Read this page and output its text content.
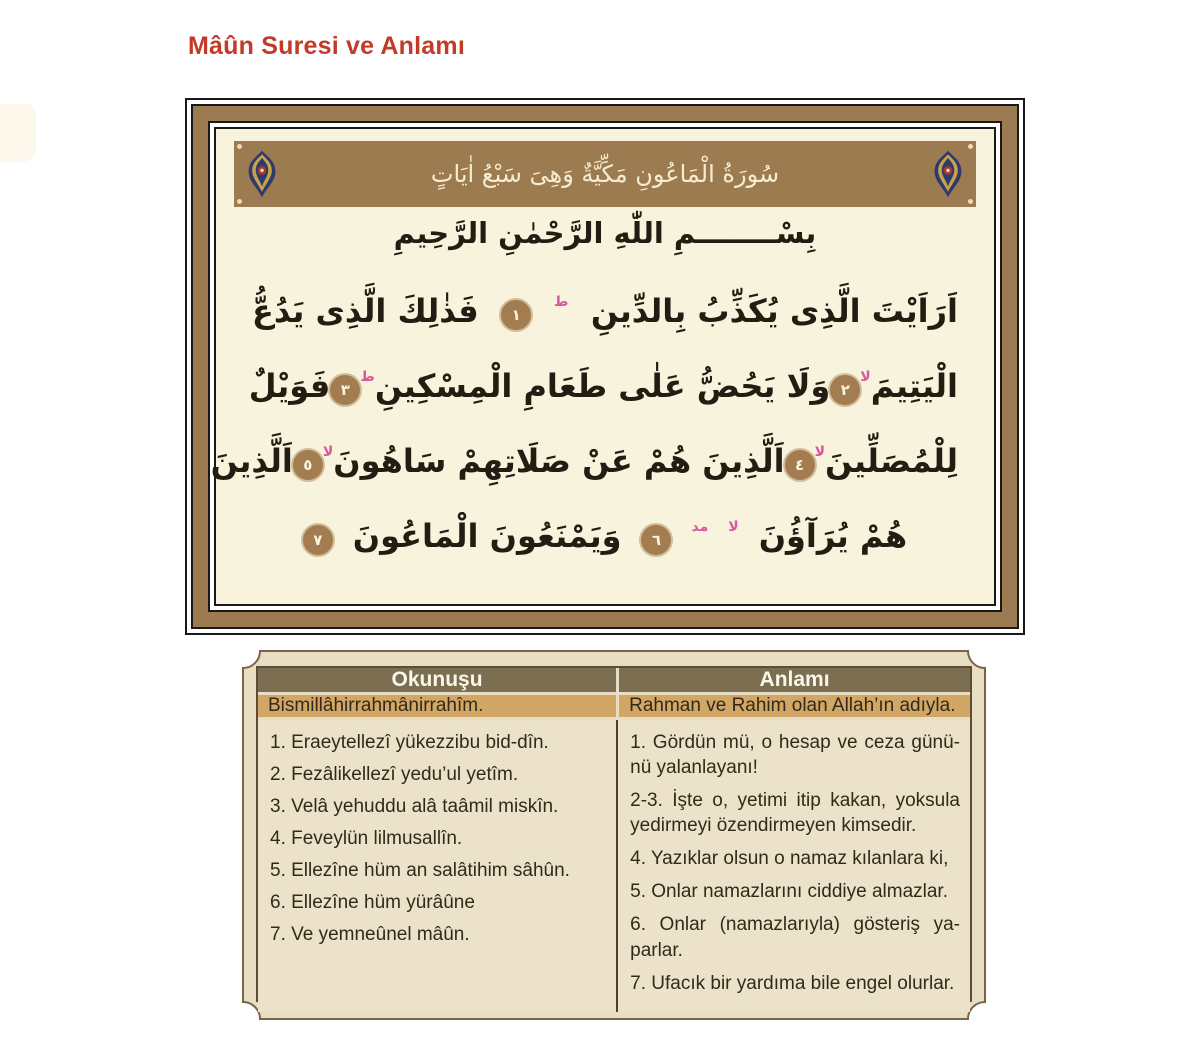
Mâûn Suresi ve Anlamı
سُورَةُ الْمَاعُونِ مَكِّيَّةٌ وَهِىَ سَبْعُ اٰيَاتٍ
بِسْــــــــمِ اللّٰهِ الرَّحْمٰنِ الرَّحِيمِ
اَرَاَيْتَ الَّذِى يُكَذِّبُ بِالدِّينِ
ط
١
فَذٰلِكَ الَّذِى يَدُعُّ
الْيَتِيمَ
لا
٢
وَلَا يَحُضُّ عَلٰى طَعَامِ الْمِسْكِينِ
ط
٣
فَوَيْلٌ
لِلْمُصَلِّينَ
لا
٤
اَلَّذِينَ هُمْ عَنْ صَلَاتِهِمْ سَاهُونَ
لا
٥
اَلَّذِينَ
هُمْ يُرَآؤُنَ
لا
مد
٦
وَيَمْنَعُونَ الْمَاعُونَ
٧
Okunuşu	Anlamı
Bismillâhirrahmânirrahîm.	Rahman ve Rahim olan Allah’ın adıyla.
1. Eraeytellezî yükezzibu bid-dîn.
2. Fezâlikellezî yedu’ul yetîm.
3. Velâ yehuddu alâ taâmil miskîn.
4. Feveylün lilmusallîn.
5. Ellezîne hüm an salâtihim sâhûn.
6. Ellezîne hüm yürâûne
7. Ve yemneûnel mâûn.
1. Gördün mü, o hesap ve ceza günü-nü yalanlayanı!
2-3. İşte o, yetimi itip kakan, yoksula yedirmeyi özendirmeyen kimsedir.
4. Yazıklar olsun o namaz kılanlara ki,
5. Onlar namazlarını ciddiye almazlar.
6. Onlar (namazlarıyla) gösteriş ya-parlar.
7. Ufacık bir yardıma bile engel olurlar.
